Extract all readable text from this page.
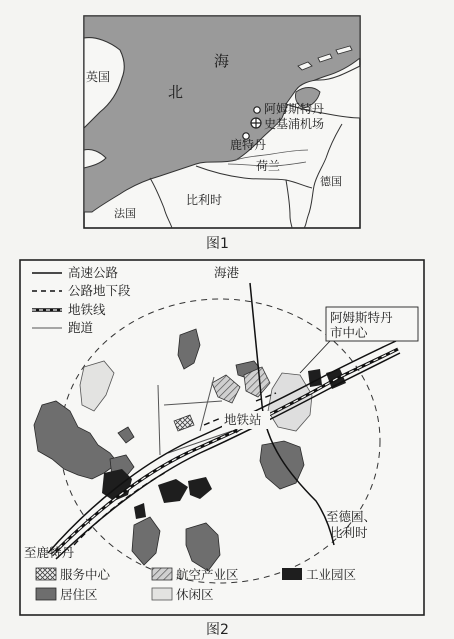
英国
北
海
阿姆斯特丹
史基浦机场
鹿特丹
荷兰
德国
比利时
法国
图1
高速公路
公路地下段
地铁线
跑道
海港
阿姆斯特丹
市中心
地铁站
至德国、
比利时
至鹿特丹
服务中心	航空产业区	工业园区
居住区	休闲区
图2
